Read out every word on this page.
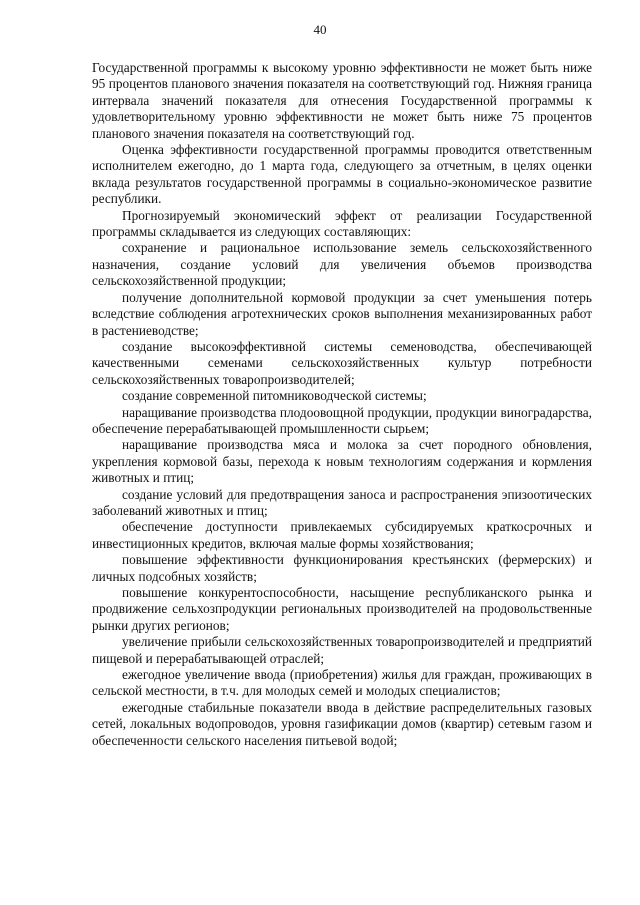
40

Государственной программы к высокому уровню эффективности не может быть ниже 95 процентов планового значения показателя на соответствующий год. Нижняя граница интервала значений показателя для отнесения Государственной программы к удовлетворительному уровню эффективности не может быть ниже 75 процентов планового значения показателя на соответствующий год.

Оценка эффективности государственной программы проводится ответственным исполнителем ежегодно, до 1 марта года, следующего за отчетным, в целях оценки вклада результатов государственной программы в социально-экономическое развитие республики.

Прогнозируемый экономический эффект от реализации Государственной программы складывается из следующих составляющих:

сохранение и рациональное использование земель сельскохозяйственного назначения, создание условий для увеличения объемов производства сельскохозяйственной продукции;

получение дополнительной кормовой продукции за счет уменьшения потерь вследствие соблюдения агротехнических сроков выполнения механизированных работ в растениеводстве;

создание высокоэффективной системы семеноводства, обеспечивающей качественными семенами сельскохозяйственных культур потребности сельскохозяйственных товаропроизводителей;

создание современной питомниководческой системы;

наращивание производства плодоовощной продукции, продукции виноградарства, обеспечение перерабатывающей промышленности сырьем;

наращивание производства мяса и молока за счет породного обновления, укрепления кормовой базы, перехода к новым технологиям содержания и кормления животных и птиц;

создание условий для предотвращения заноса и распространения эпизоотических заболеваний животных и птиц;

обеспечение доступности привлекаемых субсидируемых краткосрочных и инвестиционных кредитов, включая малые формы хозяйствования;

повышение эффективности функционирования крестьянских (фермерских) и личных подсобных хозяйств;

повышение конкурентоспособности, насыщение республиканского рынка и продвижение сельхозпродукции региональных производителей на продовольственные рынки других регионов;

увеличение прибыли сельскохозяйственных товаропроизводителей и предприятий пищевой и перерабатывающей отраслей;

ежегодное увеличение ввода (приобретения) жилья для граждан, проживающих в сельской местности, в т.ч. для молодых семей и молодых специалистов;

ежегодные стабильные показатели ввода в действие распределительных газовых сетей, локальных водопроводов, уровня газификации домов (квартир) сетевым газом и обеспеченности сельского населения питьевой водой;
